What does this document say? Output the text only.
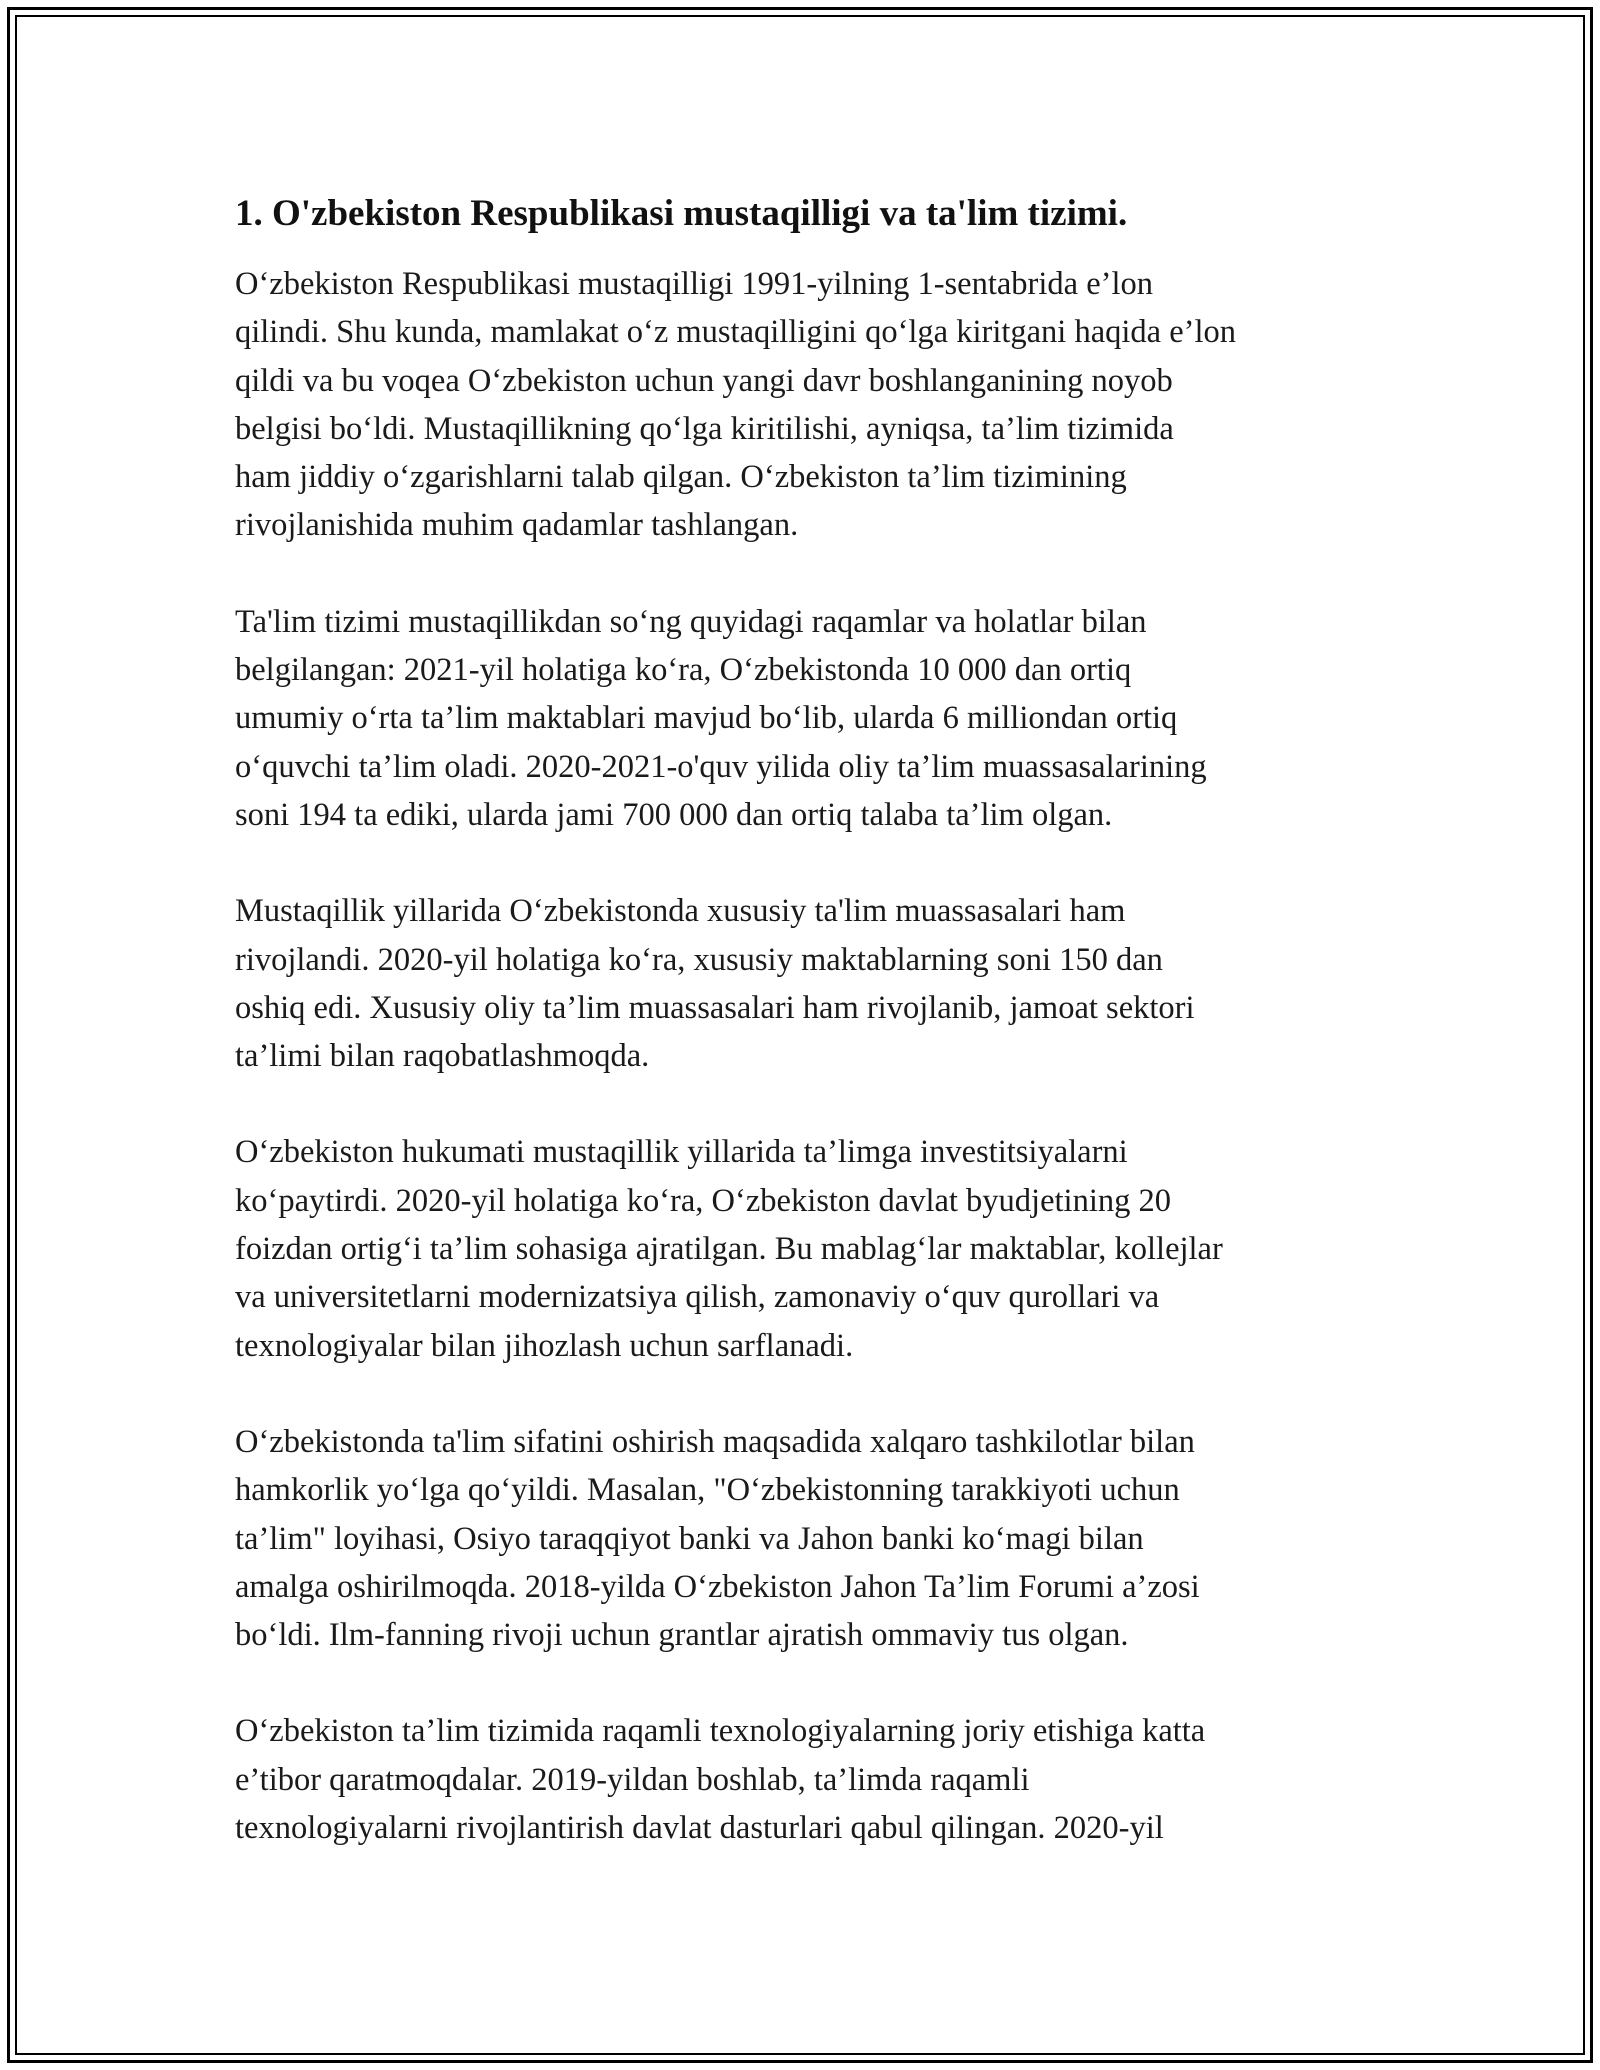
1. O'zbekiston Respublikasi mustaqilligi va ta'lim tizimi.

O‘zbekiston Respublikasi mustaqilligi 1991-yilning 1-sentabrida e’lon
qilindi. Shu kunda, mamlakat o‘z mustaqilligini qo‘lga kiritgani haqida e’lon
qildi va bu voqea O‘zbekiston uchun yangi davr boshlanganining noyob
belgisi bo‘ldi. Mustaqillikning qo‘lga kiritilishi, ayniqsa, ta’lim tizimida
ham jiddiy o‘zgarishlarni talab qilgan. O‘zbekiston ta’lim tizimining
rivojlanishida muhim qadamlar tashlangan.

Ta'lim tizimi mustaqillikdan so‘ng quyidagi raqamlar va holatlar bilan
belgilangan: 2021-yil holatiga ko‘ra, O‘zbekistonda 10 000 dan ortiq
umumiy o‘rta ta’lim maktablari mavjud bo‘lib, ularda 6 milliondan ortiq
o‘quvchi ta’lim oladi. 2020-2021-o'quv yilida oliy ta’lim muassasalarining
soni 194 ta ediki, ularda jami 700 000 dan ortiq talaba ta’lim olgan.

Mustaqillik yillarida O‘zbekistonda xususiy ta'lim muassasalari ham
rivojlandi. 2020-yil holatiga ko‘ra, xususiy maktablarning soni 150 dan
oshiq edi. Xususiy oliy ta’lim muassasalari ham rivojlanib, jamoat sektori
ta’limi bilan raqobatlashmoqda.

O‘zbekiston hukumati mustaqillik yillarida ta’limga investitsiyalarni
ko‘paytirdi. 2020-yil holatiga ko‘ra, O‘zbekiston davlat byudjetining 20
foizdan ortig‘i ta’lim sohasiga ajratilgan. Bu mablag‘lar maktablar, kollejlar
va universitetlarni modernizatsiya qilish, zamonaviy o‘quv qurollari va
texnologiyalar bilan jihozlash uchun sarflanadi.

O‘zbekistonda ta'lim sifatini oshirish maqsadida xalqaro tashkilotlar bilan
hamkorlik yo‘lga qo‘yildi. Masalan, "O‘zbekistonning tarakkiyoti uchun
ta’lim" loyihasi, Osiyo taraqqiyot banki va Jahon banki ko‘magi bilan
amalga oshirilmoqda. 2018-yilda O‘zbekiston Jahon Ta’lim Forumi a’zosi
bo‘ldi. Ilm-fanning rivoji uchun grantlar ajratish ommaviy tus olgan.

O‘zbekiston ta’lim tizimida raqamli texnologiyalarning joriy etishiga katta
e’tibor qaratmoqdalar. 2019-yildan boshlab, ta’limda raqamli
texnologiyalarni rivojlantirish davlat dasturlari qabul qilingan. 2020-yil
